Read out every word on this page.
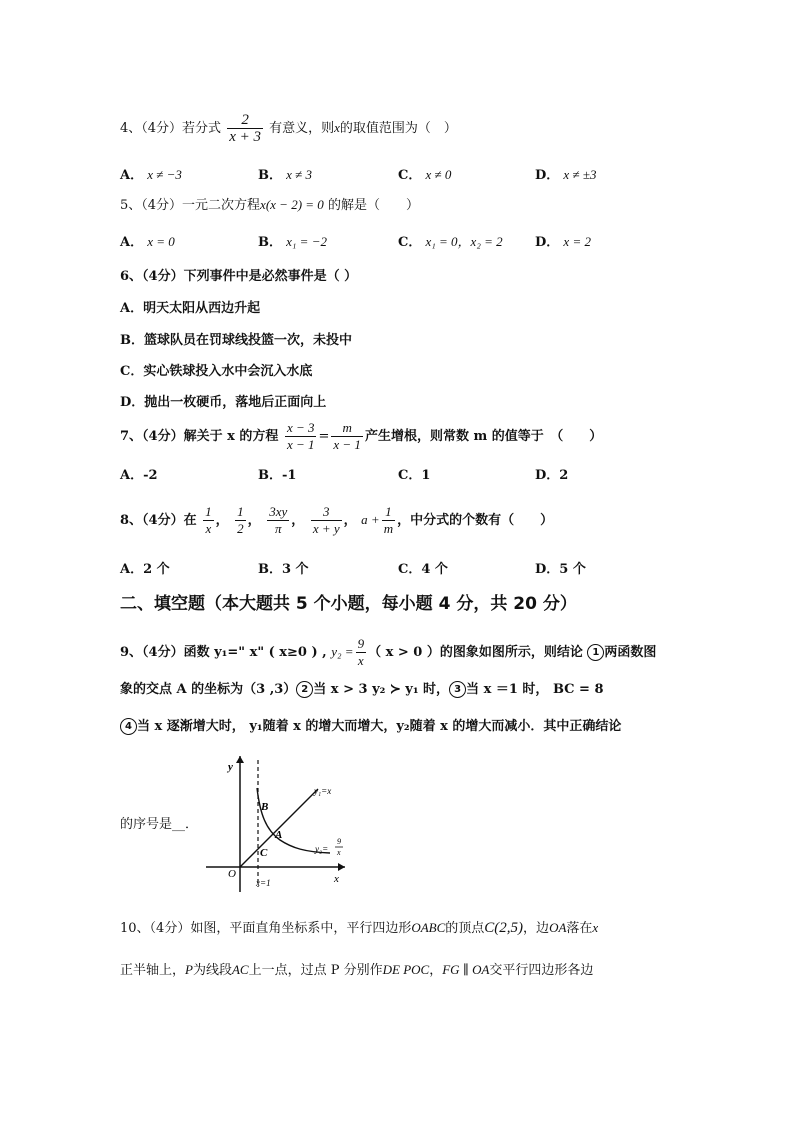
4、（4分）若分式 $\frac{2}{x + 3}$ 有意义，则x的取值范围为（　）
A． x ≠ −3	B． x ≠ 3	C． x ≠ 0	D． x ≠ ±3
5、（4分）一元二次方程x(x − 2) = 0 的解是（　　）
A． x = 0	B． x₁ = −2	C． x₁ = 0，x₂ = 2 D． x = 2
6、（4分）下列事件中是必然事件是（ ）
A．明天太阳从西边升起
B．篮球队员在罚球线投篮一次，未投中
C．实心铁球投入水中会沉入水底
D．抛出一枚硬币，落地后正面向上
7、（4分）解关于 x 的方程 $\frac{x - 3}{x - 1} = \frac{m}{x - 1}$ 产生增根，则常数 m 的值等于　（　　）
A．-2	B．-1	C．1	D．2
8、（4分）在 $\frac{1}{x}$ ， $\frac{1}{2}$ ， $\frac{3xy}{\pi}$ ， $\frac{3}{x + y}$ ， $a + \frac{1}{m}$ ，中分式的个数有（　　）
A．2 个	B．3 个	C．4 个	D．5 个
二、填空题（本大题共 5 个小题，每小题 4 分，共 20 分）
9、（4分）函数 y₁=" x" ( x≥0 ) , $y_2 = \frac{9}{x}$ （ x > 0 ）的图象如图所示，则结论 1 两函数图
象的交点 A 的坐标为（3 ,3） 2 当 x > 3 y₂ ≻ y₁ 时， 3 当 x ＝1 时， BC = 8
4 当 x 逐渐增大时， y₁随着 x 的增大而增大，y₂随着 x 的增大而减小．其中正确结论
的序号是__．
y
x
O
B
A
C
x=1
y₁=x
y₂=
9
x
10、（4分）如图，平面直角坐标系中，平行四边形OABC的顶点C(2,5)，边OA落在x
正半轴上，P为线段AC上一点，过点 P 分别作DE POC，FG ∥ OA交平行四边形各边
